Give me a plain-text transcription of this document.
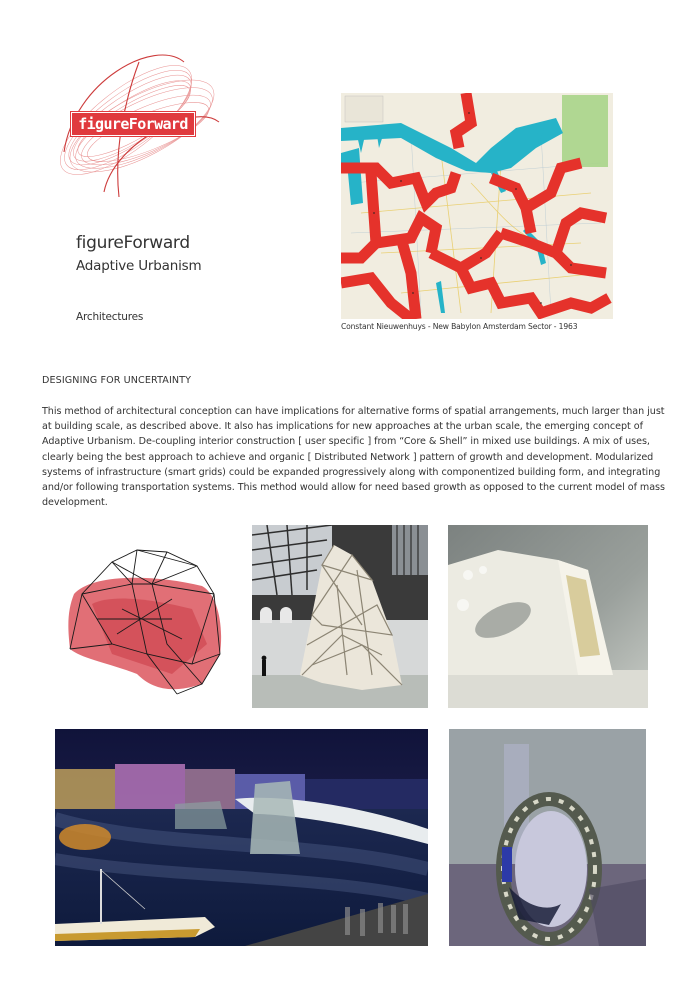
figureForward
figureForward
Adaptive Urbanism
Architectures
Constant Nieuwenhuys - New Babylon Amsterdam Sector - 1963
DESIGNING FOR UNCERTAINTY

This method of architectural conception can have implications for alternative forms of spatial arrangements, much larger than just at building scale, as described above. It also has implications for new approaches at the urban scale, the emerging concept of Adaptive Urbanism. De-coupling interior construction [ user specific ] from “Core & Shell” in mixed use buildings. A mix of uses, clearly being the best approach to achieve and organic [ Distributed Network ] pattern of growth and development. Modularized systems of infrastructure (smart grids) could be expanded progressively along with componentized building form, and integrating and/or following transportation systems. This method would allow for need based growth as opposed to the current model of mass development.
